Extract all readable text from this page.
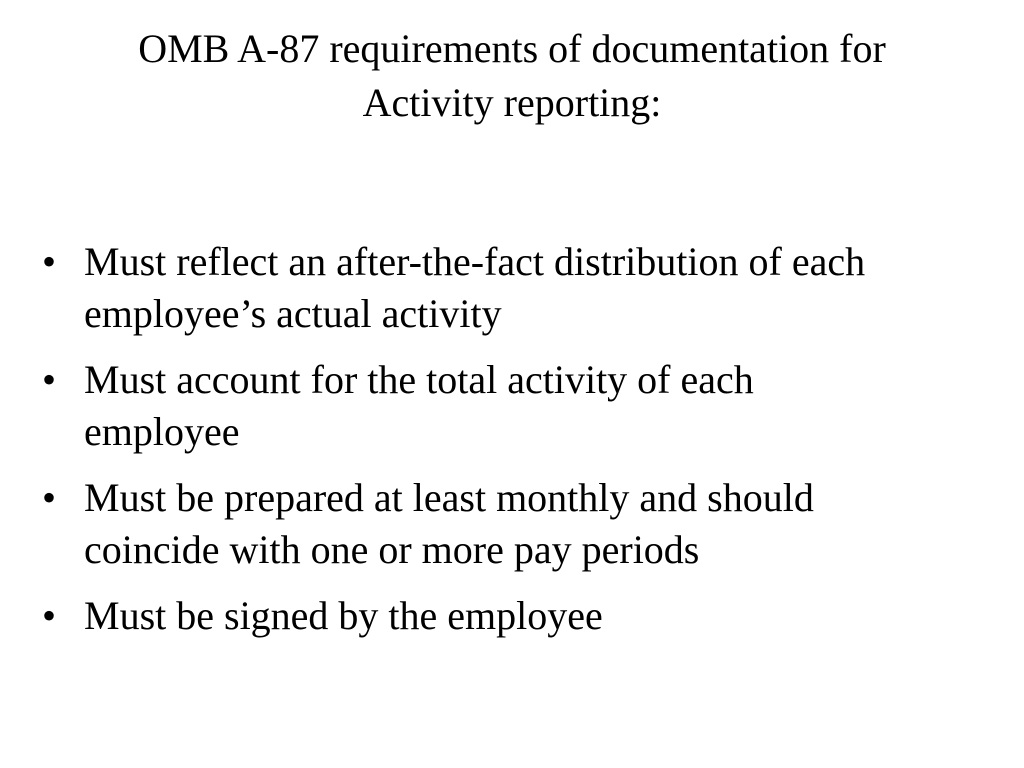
OMB A-87 requirements of documentation for
Activity reporting:
• Must reflect an after-the-fact distribution of each
employee’s actual activity
• Must account for the total activity of each
employee
• Must be prepared at least monthly and should
coincide with one or more pay periods
• Must be signed by the employee
